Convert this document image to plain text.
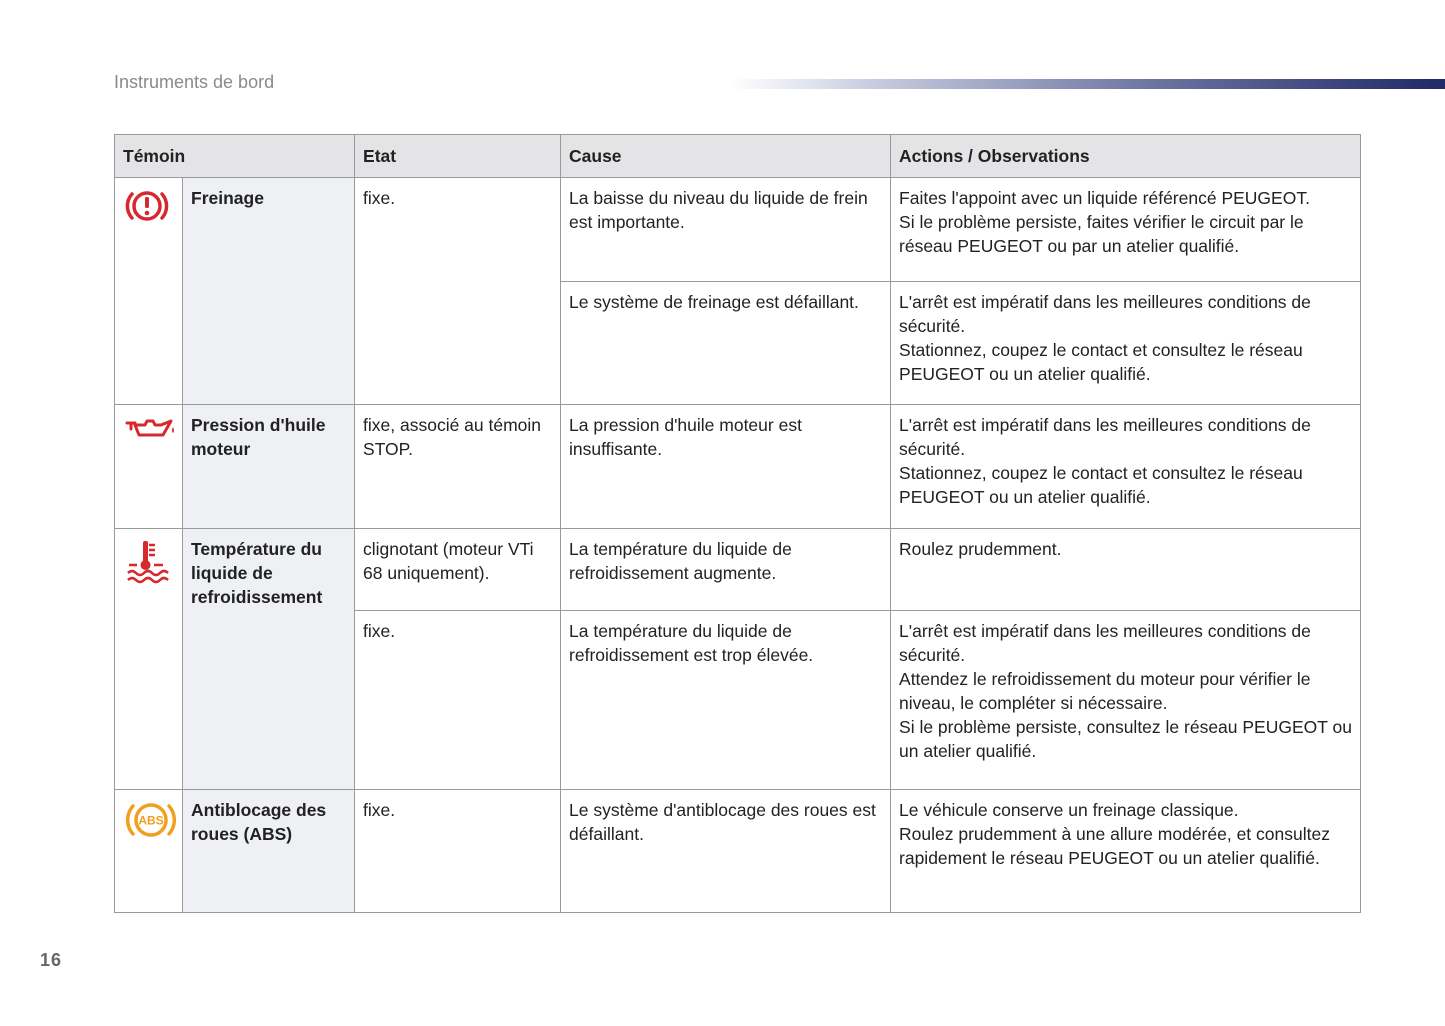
Instruments de bord
Témoin		Etat	Cause	Actions / Observations
	Freinage	fixe.	La baisse du niveau du liquide de frein est importante.	Faites l'appoint avec un liquide référencé PEUGEOT.
Si le problème persiste, faites vérifier le circuit par le réseau PEUGEOT ou par un atelier qualifié.

			Le système de freinage est défaillant.	L'arrêt est impératif dans les meilleures conditions de sécurité.
Stationnez, coupez le contact et consultez le réseau PEUGEOT ou un atelier qualifié.

	Pression d'huile moteur	fixe, associé au témoin STOP.	La pression d'huile moteur est insuffisante.	L'arrêt est impératif dans les meilleures conditions de sécurité.
Stationnez, coupez le contact et consultez le réseau PEUGEOT ou un atelier qualifié.

	Température du liquide de refroidissement	clignotant (moteur VTi 68 uniquement).	La température du liquide de refroidissement augmente.	Roulez prudemment.

		fixe.	La température du liquide de refroidissement est trop élevée.	L'arrêt est impératif dans les meilleures conditions de sécurité.
Attendez le refroidissement du moteur pour vérifier le niveau, le compléter si nécessaire.
Si le problème persiste, consultez le réseau PEUGEOT ou un atelier qualifié.

ABS	Antiblocage des roues (ABS)	fixe.	Le système d'antiblocage des roues est défaillant.	Le véhicule conserve un freinage classique.
Roulez prudemment à une allure modérée, et consultez rapidement le réseau PEUGEOT ou un atelier qualifié.
16
